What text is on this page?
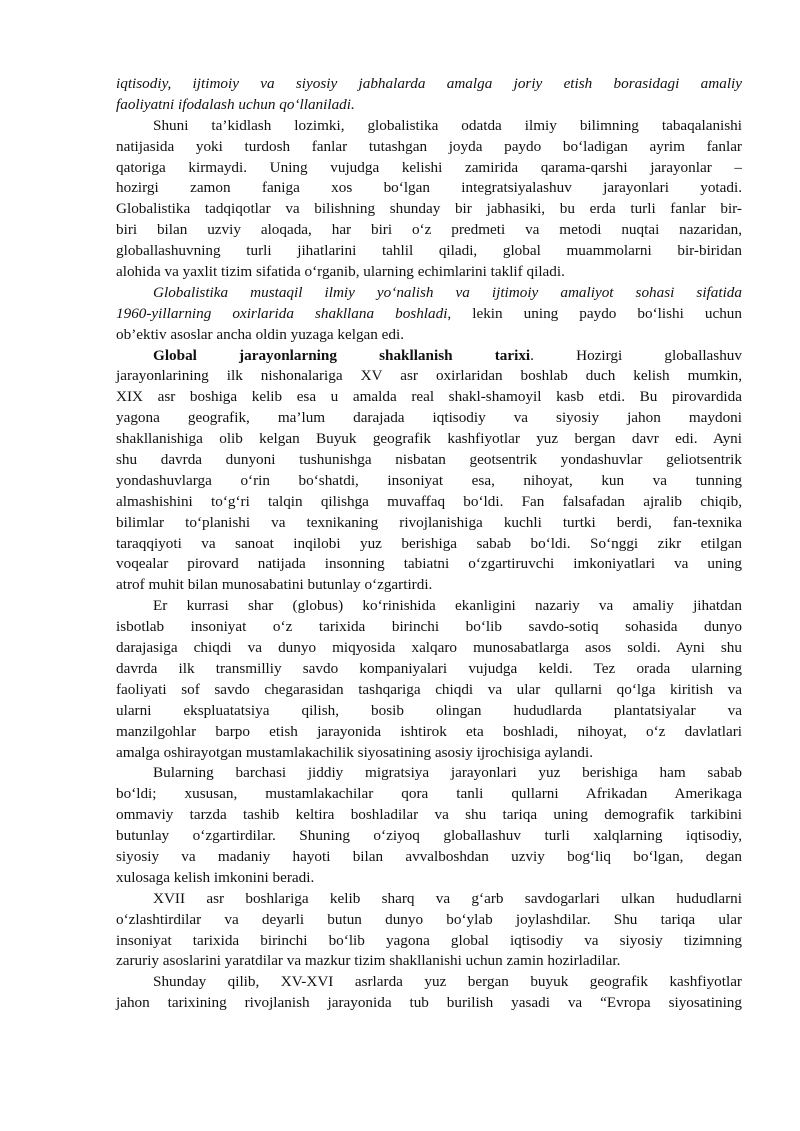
iqtisodiy, ijtimoiy va siyosiy jabhalarda amalga joriy etish borasidagi amaliy
faoliyatni ifodalash uchun qo‘llaniladi.
Shuni ta’kidlash lozimki, globalistika odatda ilmiy bilimning tabaqalanishi
natijasida yoki turdosh fanlar tutashgan joyda paydo bo‘ladigan ayrim fanlar
qatoriga kirmaydi. Uning vujudga kelishi zamirida qarama-qarshi jarayonlar –
hozirgi zamon faniga xos bo‘lgan integratsiyalashuv jarayonlari yotadi.
Globalistika tadqiqotlar va bilishning shunday bir jabhasiki, bu erda turli fanlar bir-
biri bilan uzviy aloqada, har biri o‘z predmeti va metodi nuqtai nazaridan,
globallashuvning turli jihatlarini tahlil qiladi, global muammolarni bir-biridan
alohida va yaxlit tizim sifatida o‘rganib, ularning echimlarini taklif qiladi.
Globalistika mustaqil ilmiy yo‘nalish va ijtimoiy amaliyot sohasi sifatida
1960-yillarning oxirlarida shakllana boshladi, lekin uning paydo bo‘lishi uchun
ob’ektiv asoslar ancha oldin yuzaga kelgan edi.
Global jarayonlarning shakllanish tarixi. Hozirgi globallashuv
jarayonlarining ilk nishonalariga XV asr oxirlaridan boshlab duch kelish mumkin,
XIX asr boshiga kelib esa u amalda real shakl-shamoyil kasb etdi. Bu pirovardida
yagona geografik, ma’lum darajada iqtisodiy va siyosiy jahon maydoni
shakllanishiga olib kelgan Buyuk geografik kashfiyotlar yuz bergan davr edi. Ayni
shu davrda dunyoni tushunishga nisbatan geotsentrik yondashuvlar geliotsentrik
yondashuvlarga o‘rin bo‘shatdi, insoniyat esa, nihoyat, kun va tunning
almashishini to‘g‘ri talqin qilishga muvaffaq bo‘ldi. Fan falsafadan ajralib chiqib,
bilimlar to‘planishi va texnikaning rivojlanishiga kuchli turtki berdi, fan-texnika
taraqqiyoti va sanoat inqilobi yuz berishiga sabab bo‘ldi. So‘nggi zikr etilgan
voqealar pirovard natijada insonning tabiatni o‘zgartiruvchi imkoniyatlari va uning
atrof muhit bilan munosabatini butunlay o‘zgartirdi.
Er kurrasi shar (globus) ko‘rinishida ekanligini nazariy va amaliy jihatdan
isbotlab insoniyat o‘z tarixida birinchi bo‘lib savdo-sotiq sohasida dunyo
darajasiga chiqdi va dunyo miqyosida xalqaro munosabatlarga asos soldi. Ayni shu
davrda ilk transmilliy savdo kompaniyalari vujudga keldi. Tez orada ularning
faoliyati sof savdo chegarasidan tashqariga chiqdi va ular qullarni qo‘lga kiritish va
ularni ekspluatatsiya qilish, bosib olingan hududlarda plantatsiyalar va
manzilgohlar barpo etish jarayonida ishtirok eta boshladi, nihoyat, o‘z davlatlari
amalga oshirayotgan mustamlakachilik siyosatining asosiy ijrochisiga aylandi.
Bularning barchasi jiddiy migratsiya jarayonlari yuz berishiga ham sabab
bo‘ldi; xususan, mustamlakachilar qora tanli qullarni Afrikadan Amerikaga
ommaviy tarzda tashib keltira boshladilar va shu tariqa uning demografik tarkibini
butunlay o‘zgartirdilar. Shuning o‘ziyoq globallashuv turli xalqlarning iqtisodiy,
siyosiy va madaniy hayoti bilan avvalboshdan uzviy bog‘liq bo‘lgan, degan
xulosaga kelish imkonini beradi.
XVII asr boshlariga kelib sharq va g‘arb savdogarlari ulkan hududlarni
o‘zlashtirdilar va deyarli butun dunyo bo‘ylab joylashdilar. Shu tariqa ular
insoniyat tarixida birinchi bo‘lib yagona global iqtisodiy va siyosiy tizimning
zaruriy asoslarini yaratdilar va mazkur tizim shakllanishi uchun zamin hozirladilar.
Shunday qilib, XV-XVI asrlarda yuz bergan buyuk geografik kashfiyotlar
jahon tarixining rivojlanish jarayonida tub burilish yasadi va “Evropa siyosatining
